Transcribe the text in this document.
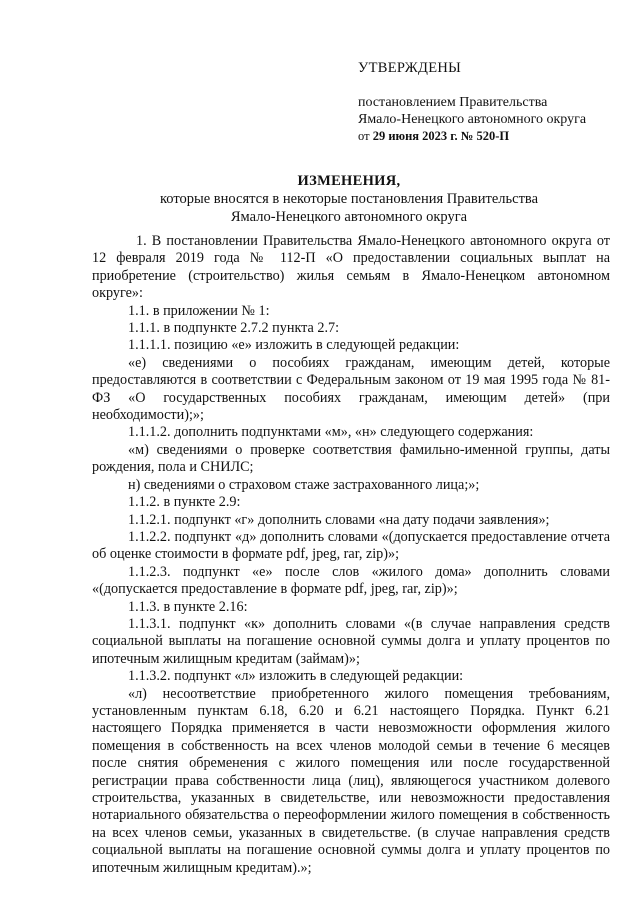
УТВЕРЖДЕНЫ
постановлением Правительства
Ямало-Ненецкого автономного округа
от 29 июня 2023 г. № 520-П
ИЗМЕНЕНИЯ,
которые вносятся в некоторые постановления Правительства
Ямало-Ненецкого автономного округа

1. В постановлении Правительства Ямало-Ненецкого автономного округа от 12 февраля 2019 года № 112-П «О предоставлении социальных выплат на приобретение (строительство) жилья семьям в Ямало-Ненецком автономном округе»:

1.1. в приложении № 1:

1.1.1. в подпункте 2.7.2 пункта 2.7:

1.1.1.1. позицию «е» изложить в следующей редакции:

«е) сведениями о пособиях гражданам, имеющим детей, которые предоставляются в соответствии с Федеральным законом от 19 мая 1995 года № 81-ФЗ «О государственных пособиях гражданам, имеющим детей» (при необходимости);»;

1.1.1.2. дополнить подпунктами «м», «н» следующего содержания:

«м) сведениями о проверке соответствия фамильно-именной группы, даты рождения, пола и СНИЛС;

н) сведениями о страховом стаже застрахованного лица;»;

1.1.2. в пункте 2.9:

1.1.2.1. подпункт «г» дополнить словами «на дату подачи заявления»;

1.1.2.2. подпункт «д» дополнить словами «(допускается предоставление отчета об оценке стоимости в формате pdf, jpeg, rar, zip)»;

1.1.2.3. подпункт «е» после слов «жилого дома» дополнить словами «(допускается предоставление в формате pdf, jpeg, rar, zip)»;

1.1.3. в пункте 2.16:

1.1.3.1. подпункт «к» дополнить словами «(в случае направления средств социальной выплаты на погашение основной суммы долга и уплату процентов по ипотечным жилищным кредитам (займам)»;

1.1.3.2. подпункт «л» изложить в следующей редакции:

«л) несоответствие приобретенного жилого помещения требованиям, установленным пунктам 6.18, 6.20 и 6.21 настоящего Порядка. Пункт 6.21 настоящего Порядка применяется в части невозможности оформления жилого помещения в собственность на всех членов молодой семьи в течение 6 месяцев после снятия обременения с жилого помещения или после государственной регистрации права собственности лица (лиц), являющегося участником долевого строительства, указанных в свидетельстве, или невозможности предоставления нотариального обязательства о переоформлении жилого помещения в собственность на всех членов семьи, указанных в свидетельстве. (в случае направления средств социальной выплаты на погашение основной суммы долга и уплату процентов по ипотечным жилищным кредитам).»;
